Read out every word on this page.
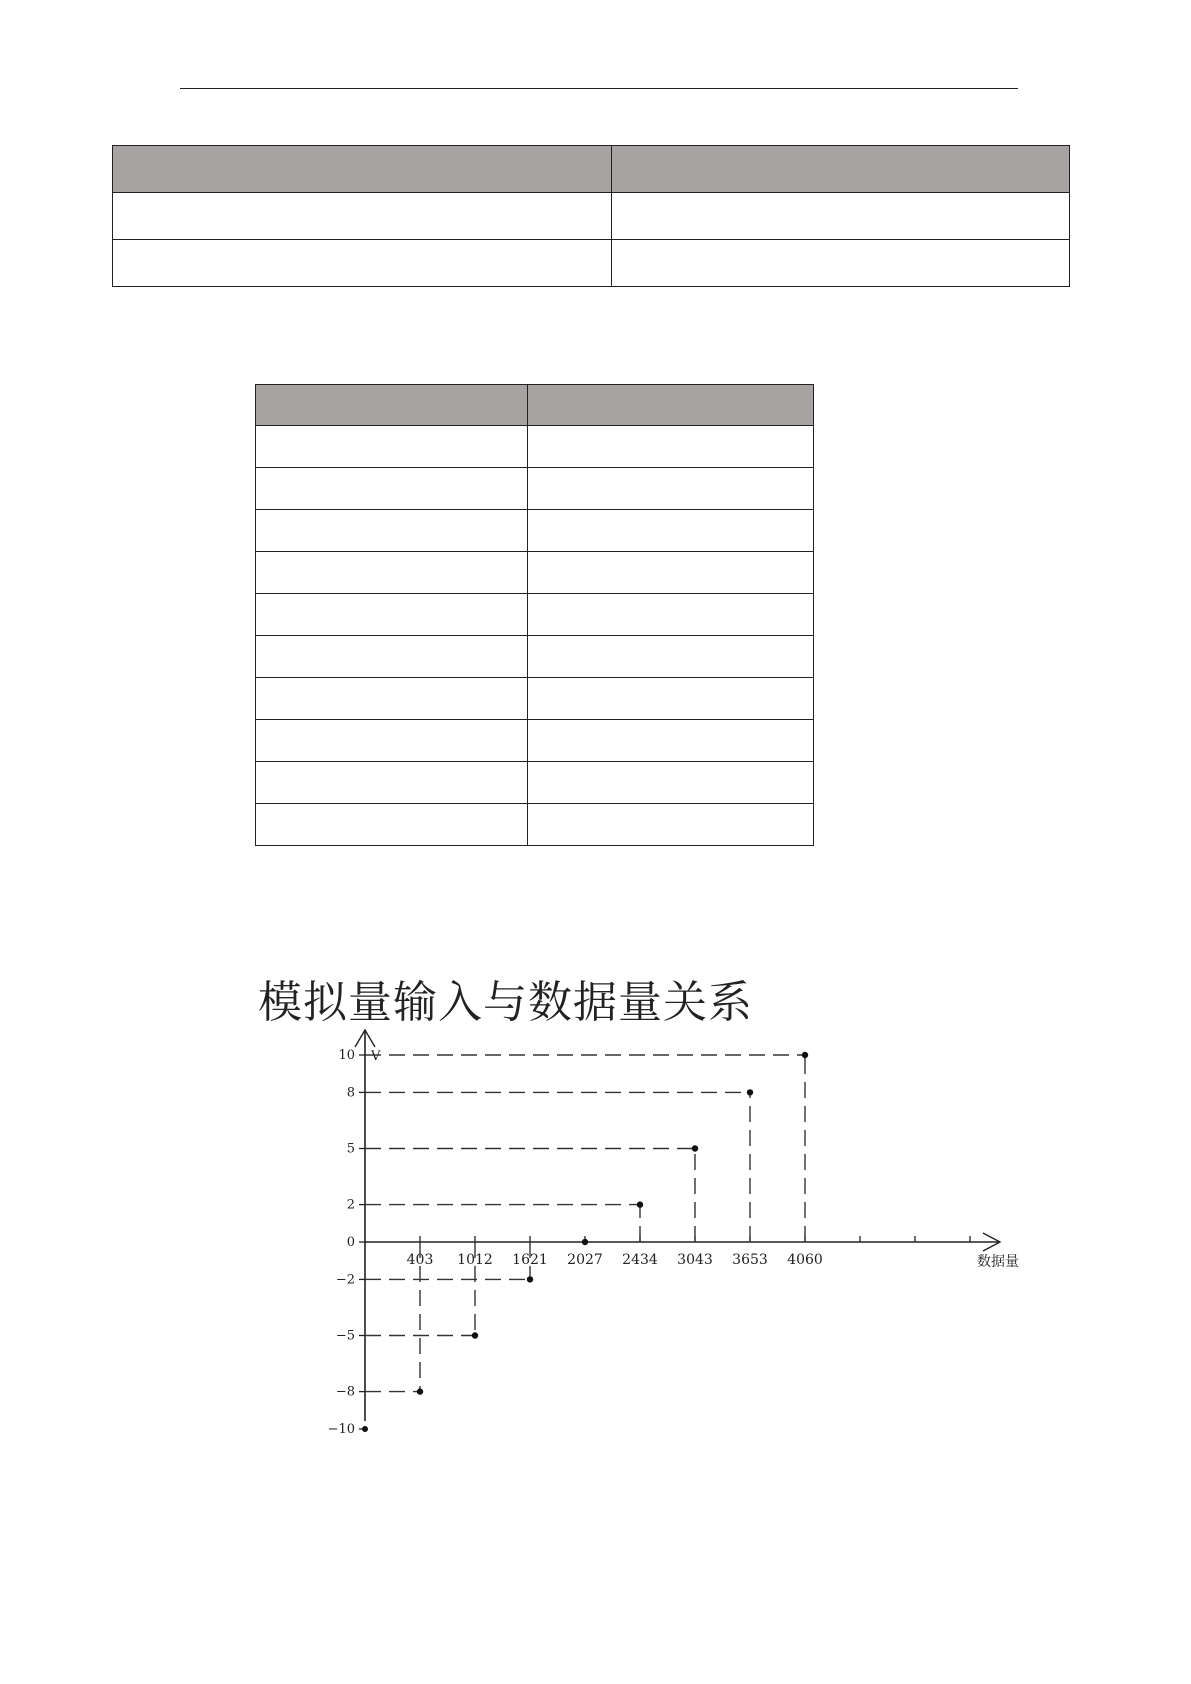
模拟量输入与数据量关系
V
数据量
10
8
5
2
0
−2
−5
−8
−10
403 1012 1621 2027 2434 3043 3653 4060
